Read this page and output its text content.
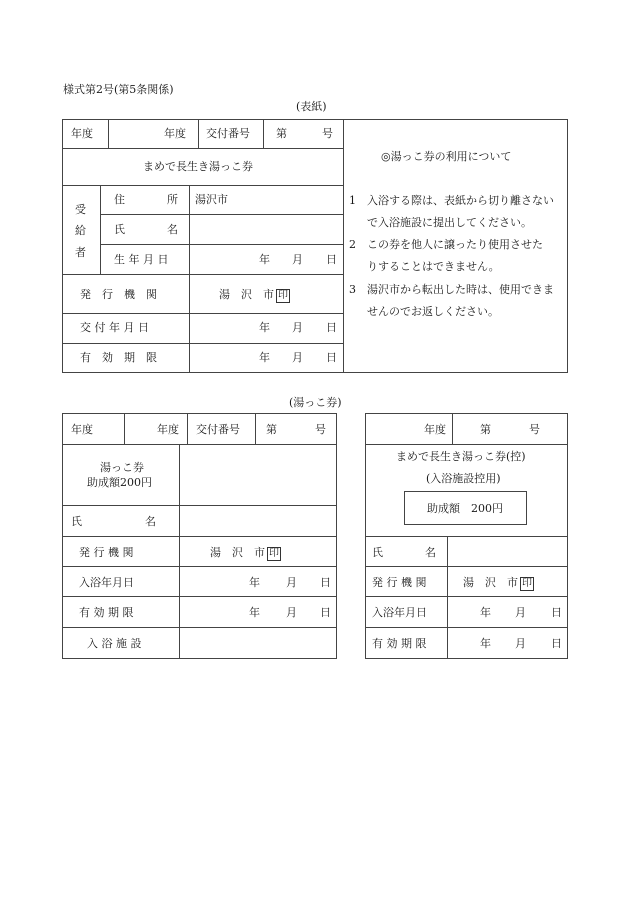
様式第2号(第5条関係)
(表紙)
(湯っこ券)
年度	年度 交付番号 第	号
まめで長生き湯っこ券
受
給
者
住	所 湯沢市
氏	名
生 年 月 日	年 月 日
発　行　機　関	湯　沢　市 印
交 付 年 月 日	年 月 日
有　効　期　限	年 月 日
◎湯っこ券の利用について
1 入浴する際は、表紙から切り離さない
で入浴施設に提出してください。
2 この券を他人に譲ったり使用させた
りすることはできません。
3 湯沢市から転出した時は、使用できま
せんのでお返しください。
年度	年度 交付番号 第	号
湯っこ券
助成額200円
氏	名
発 行 機 関	湯　沢　市 印
入浴年月日	年 月 日
有 効 期 限	年 月 日
入 浴 施 設
年度	第	号
まめで長生き湯っこ券(控)
(入浴施設控用)
助成額　200円
氏	名
発 行 機 関	湯　沢　市 印
入浴年月日	年 月 日
有 効 期 限	年 月 日
